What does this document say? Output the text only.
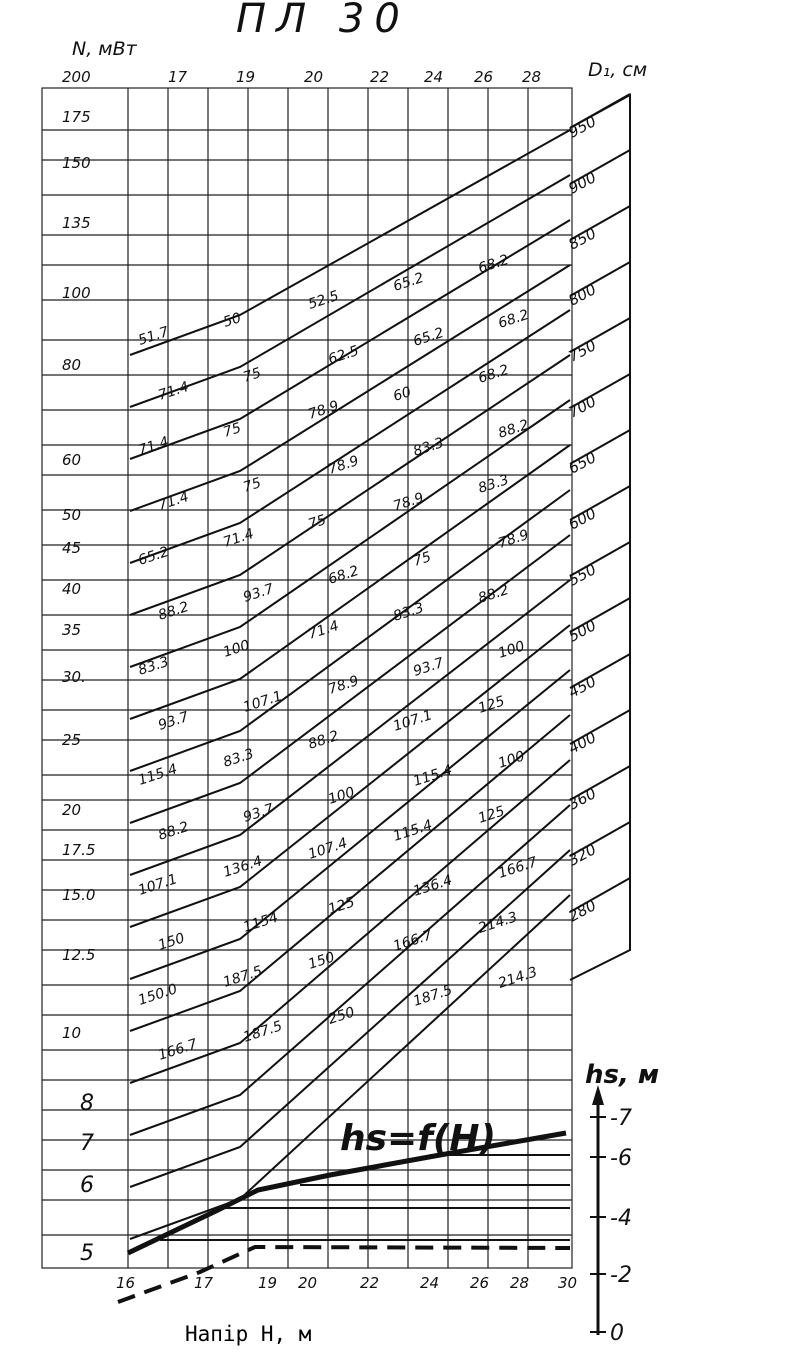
ПЛ 30
N, мВт
D₁, см
200
175
150
135
100
80
60
50
45
40
35
30.
25
20
17.5
15.0
12.5
10
8
7
6
5
17	19	20	22 24 26 28
16	17	19 20	22	24 26 28 30
950
900
850
800
750
700
650
600
550
500
450
400
360
320
280
51.7
50
52.5
65.2
68.2
71.4
75
62.5
65.2
68.2
71.4
75
78.9
60
68.2
71.4
75
78.9
83.3
88.2
65.2
71.4
75
78.9
83.3
88.2
93.7
68.2
75
78.9
83.3
100
71.4
83.3
88.2
93.7
107.1
78.9
93.7
100
115.4
83.3
88.2
107.1
125
88.2
93.7
100
115.4
100
107.1
136.4
107.4
115.4
125
150
1154
125
136.4
166.7
150.0
187.5
150
166.7
214.3
166.7
187.5
250
187.5
214.3
hs=f(H)
hs, м
-7
-6
-4
-2
0
Напір H, м
